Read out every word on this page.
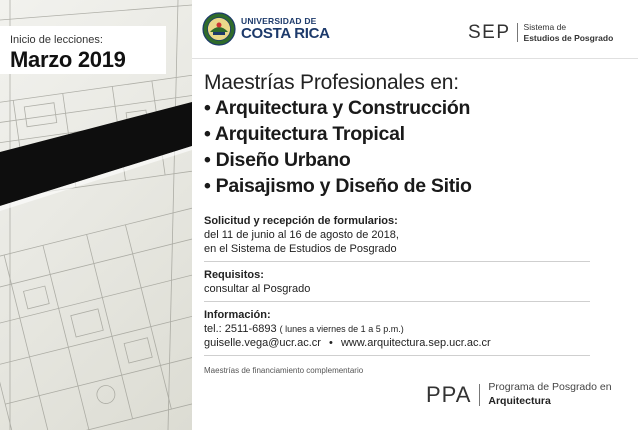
Inicio de lecciones:
Marzo 2019
UNIVERSIDAD DE
COSTA RICA	SEP	Sistema de
Estudios de Posgrado
Maestrías Profesionales en:
• Arquitectura y Construcción
• Arquitectura Tropical
• Diseño Urbano
• Paisajismo y Diseño de Sitio
Solicitud y recepción de formularios:
del 11 de junio al 16 de agosto de 2018,
en el Sistema de Estudios de Posgrado
Requisitos:
consultar al Posgrado
Información:
tel.: 2511-6893 ( lunes a viernes de 1 a 5 p.m.)
guiselle.vega@ucr.ac.cr • www.arquitectura.sep.ucr.ac.cr
Maestrías de financiamiento complementario
PPA	Programa de Posgrado en
Arquitectura
